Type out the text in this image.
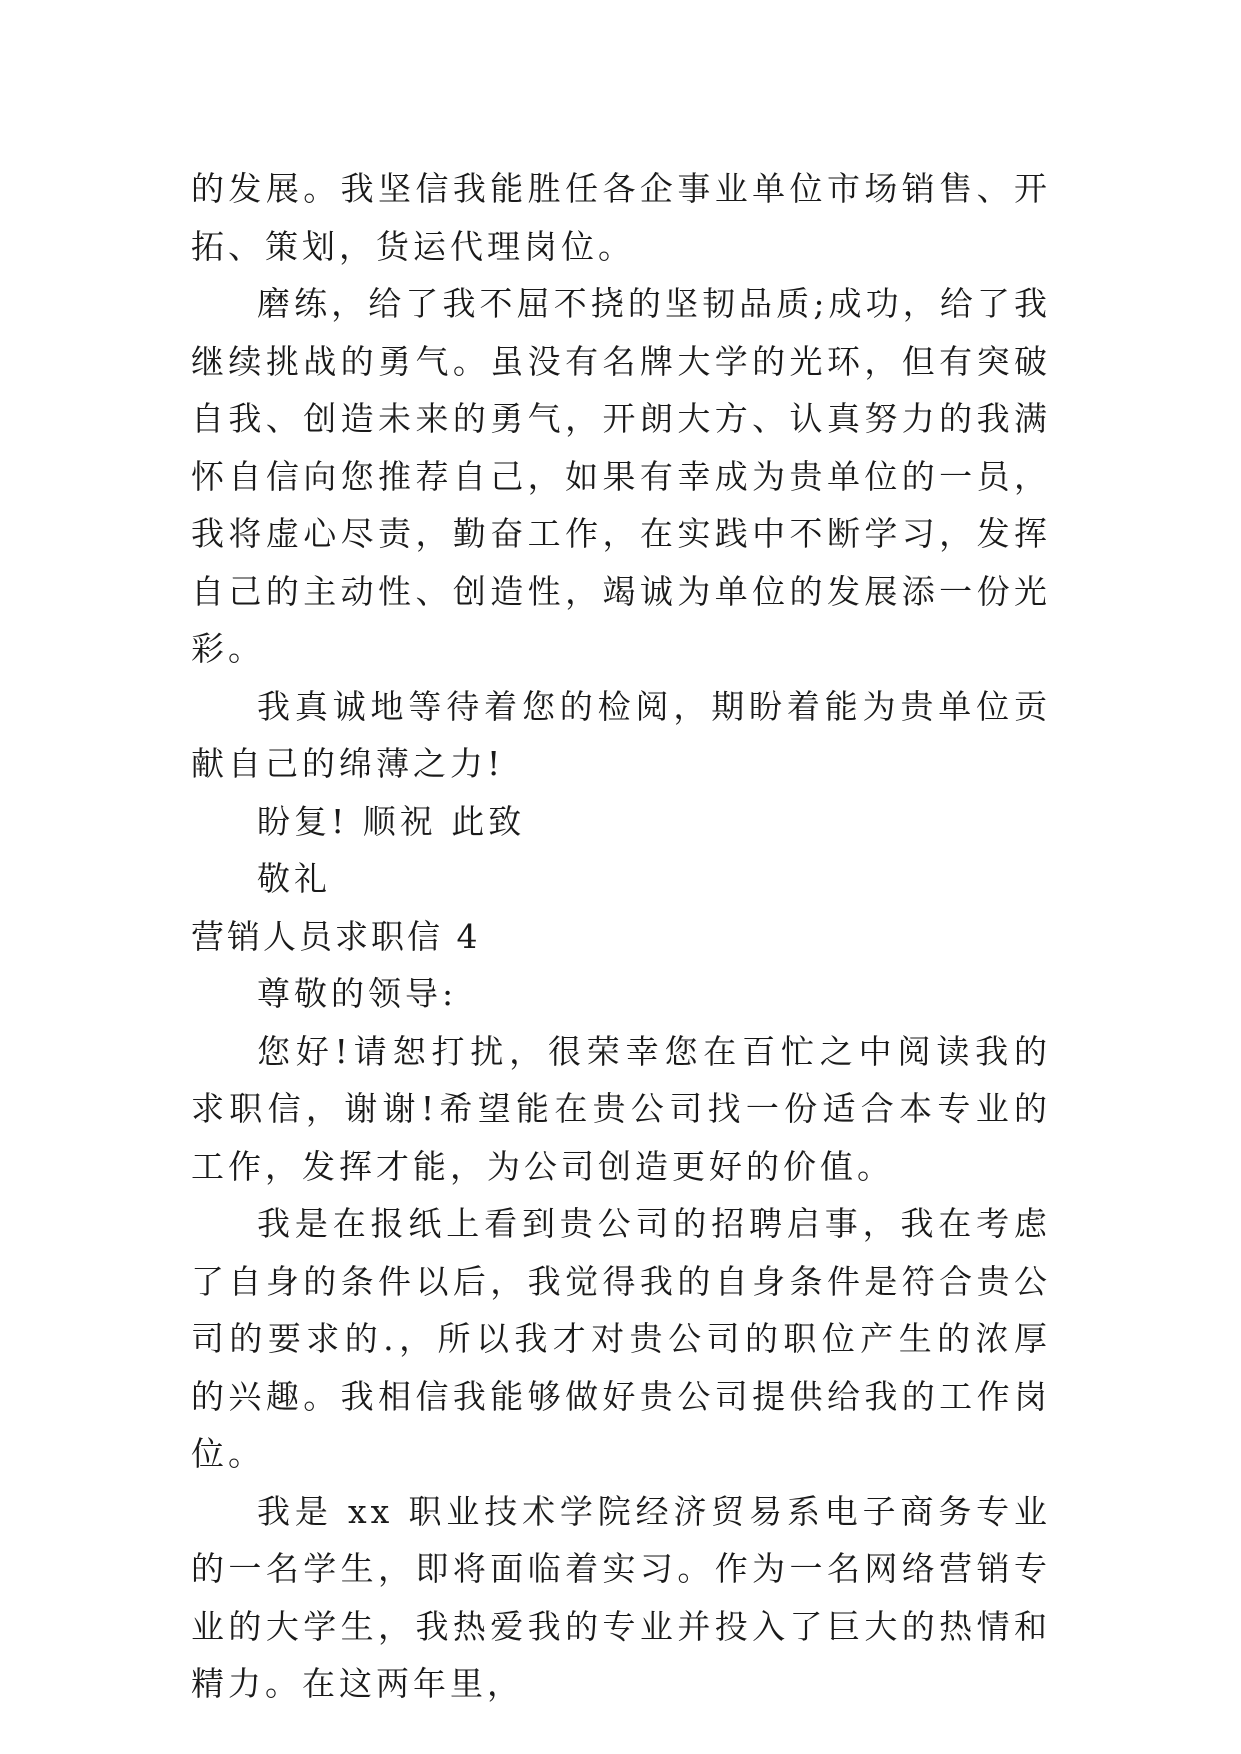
的发展。我坚信我能胜任各企事业单位市场销售、开拓、策划，货运代理岗位。

磨练，给了我不屈不挠的坚韧品质;成功，给了我继续挑战的勇气。虽没有名牌大学的光环，但有突破自我、创造未来的勇气，开朗大方、认真努力的我满怀自信向您推荐自己，如果有幸成为贵单位的一员，我将虚心尽责，勤奋工作，在实践中不断学习，发挥自己的主动性、创造性，竭诚为单位的发展添一份光彩。

我真诚地等待着您的检阅，期盼着能为贵单位贡献自己的绵薄之力!

盼复! 顺祝 此致

敬礼

营销人员求职信 4

尊敬的领导:

您好!请恕打扰，很荣幸您在百忙之中阅读我的求职信，谢谢!希望能在贵公司找一份适合本专业的工作，发挥才能，为公司创造更好的价值。

我是在报纸上看到贵公司的招聘启事，我在考虑了自身的条件以后，我觉得我的自身条件是符合贵公司的要求的.，所以我才对贵公司的职位产生的浓厚的兴趣。我相信我能够做好贵公司提供给我的工作岗位。

我是 xx 职业技术学院经济贸易系电子商务专业的一名学生，即将面临着实习。作为一名网络营销专业的大学生，我热爱我的专业并投入了巨大的热情和精力。在这两年里，
